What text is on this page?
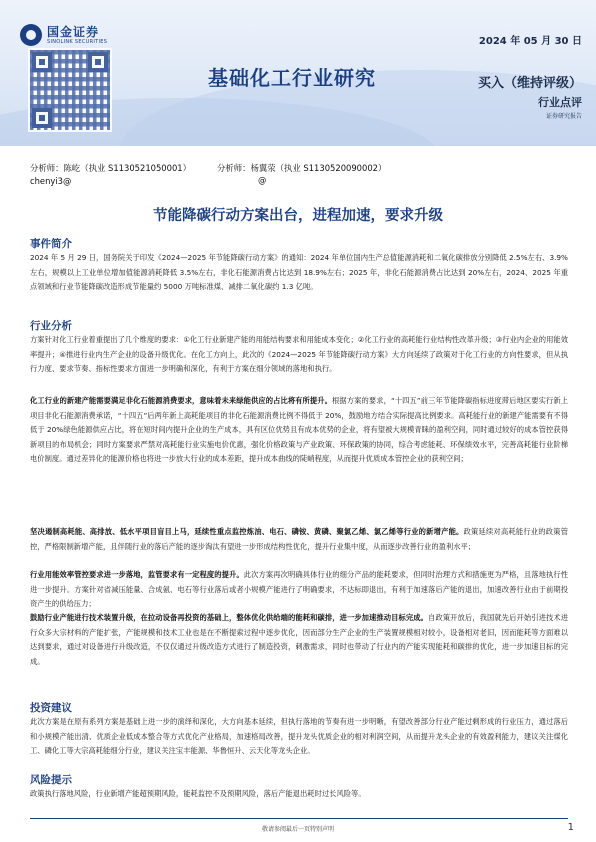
国金证券
SINOLINK SECURITIES	2024 年 05 月 30 日
基础化工行业研究	买入（维持评级）
行业点评
证券研究报告
分析师：陈屹（执业 S1130521050001）	分析师：杨翼荥（执业 S1130520090002）
chenyi3@	@
节能降碳行动方案出台，进程加速，要求升级
事件简介
2024 年 5 月 29 日，国务院关于印发《2024—2025 年节能降碳行动方案》的通知：2024 年单位国内生产总值能源消耗和二氧化碳排放分别降低 2.5%左右、3.9%左右，规模以上工业单位增加值能源消耗降低 3.5%左右，非化石能源消费占比达到 18.9%左右；2025 年，非化石能源消费占比达到 20%左右，2024、2025 年重点领域和行业节能降碳改造形成节能量约 5000 万吨标准煤、减排二氧化碳约 1.3 亿吨。
行业分析
方案针对化工行业着重提出了几个维度的要求：①化工行业新建产能的用能结构要求和用能成本变化；②化工行业的高耗能行业结构性改革升级；③行业内企业的用能效率提升；④推进行业内生产企业的设备升级优化。在化工方向上，此次的《2024—2025 年节能降碳行动方案》大方向延续了政策对于化工行业的方向性要求，但从执行力度、要求节奏、指标性要求方面进一步明确和深化，有利于方案在细分领域的落地和执行。
化工行业的新建产能需要满足非化石能源消费要求，意味着未来绿能供应的占比将有所提升。根据方案的要求，“十四五”前三年节能降碳指标进度滞后地区要实行新上项目非化石能源消费承诺，“十四五”后两年新上高耗能项目的非化石能源消费比例不得低于 20%，鼓励地方结合实际提高比例要求。高耗能行业的新建产能需要有不得低于 20%绿色能源供应占比，将在短时间内提升企业的生产成本，具有区位优势且有成本优势的企业，将有望被大规模青睐的盈利空间，同时通过较好的成本管控获得新项目的布局机会；同时方案要求严禁对高耗能行业实施电价优惠，强化价格政策与产业政策、环保政策的协同，综合考虑能耗、环保绩效水平，完善高耗能行业阶梯电价制度。通过差异化的能源价格也将进一步放大行业的成本差距，提升成本曲线的陡峭程度，从而提升优质成本管控企业的获利空间；
坚决遏制高耗能、高排放、低水平项目盲目上马，延续性重点监控炼油、电石、磷铵、黄磷、聚氯乙烯、氯乙烯等行业的新增产能。政策延续对高耗能行业的政策管控，严格限制新增产能，且伴随行业的落后产能的逐步淘汰有望进一步形成结构性优化，提升行业集中度，从而逐步改善行业的盈利水平；
行业用能效率管控要求进一步落地，监管要求有一定程度的提升。此次方案再次明确具体行业的细分产品的能耗要求，但同时治理方式和措施更为严格，且落地执行性进一步提升。方案针对省减压能量、合成氨、电石等行业落后或者小规模产能进行了明确要求，不达标即退出，有利于加速落后产能的退出，加速改善行业由于前期投资产生的供给压力；
鼓励行业产能进行技术装置升级，在拉动设备再投资的基础上，整体优化供给端的能耗和碳排，进一步加速推动目标完成。自政策开放后，我国就先后开始引进技术进行众多大宗材料的产能扩张，产能规模和技术工业也是在不断提索过程中逐步优化，因而部分生产企业的生产装置规模相对较小，设备相对老旧，因而能耗等方面难以达到要求，通过对设备进行升级改造，不仅仅通过升级改造方式进行了制造投资，刺激需求，同时也带动了行业内的产能实现能耗和碳排的优化，进一步加速目标的完成。
投资建议
此次方案是在原有系列方案是基础上进一步的演绎和深化，大方向基本延续，但执行落地的节奏有进一步明晰，有望改善部分行业产能过剩形成的行业压力，通过落后和小规模产能出清、优质企业低成本整合等方式优化产业格局，加速格局改善，提升龙头优质企业的相对利润空间，从而提升龙头企业的有效盈利能力，建议关注煤化工、磷化工等大宗高耗能细分行业，建议关注宝丰能源、华鲁恒升、云天化等龙头企业。
风险提示
政策执行落地风险，行业新增产能超预期风险，能耗监控不及预期风险，落后产能退出耗时过长风险等。
敬请参阅最后一页特别声明	1
